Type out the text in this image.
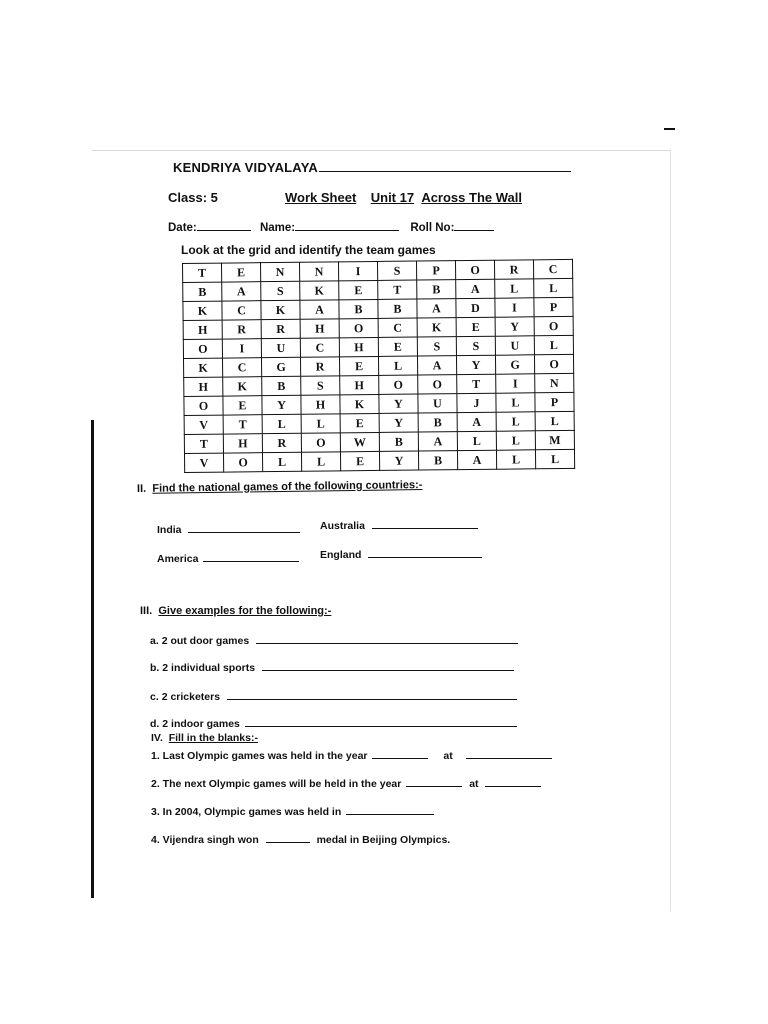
KENDRIYA VIDYALAYA
Class: 5	Work Sheet Unit 17 Across The Wall
Date:	Name:	Roll No:
Look at the grid and identify the team games
T	E	N	N	I	S	P	O	R	C
B	A	S	K	E	T	B	A	L	L
K	C	K	A	B	B	A	D	I	P
H	R	R	H	O	C	K	E	Y	O
O	I	U	C	H	E	S	S	U	L
K	C	G	R	E	L	A	Y	G	O
H	K	B	S	H	O	O	T	I	N
O	E	Y	H	K	Y	U	J	L	P
V	T	L	L	E	Y	B	A	L	L
T	H	R	O	W	B	A	L	L	M
V	O	L	L	E	Y	B	A	L	L
II. Find the national games of the following countries:-
India	Australia
America	England
III. Give examples for the following:-
a. 2 out door games
b. 2 individual sports
c. 2 cricketers
d. 2 indoor games
IV. Fill in the blanks:-
1. Last Olympic games was held in the year	at
2. The next Olympic games will be held in the year	at
3. In 2004, Olympic games was held in
4. Vijendra singh won	medal in Beijing Olympics.
